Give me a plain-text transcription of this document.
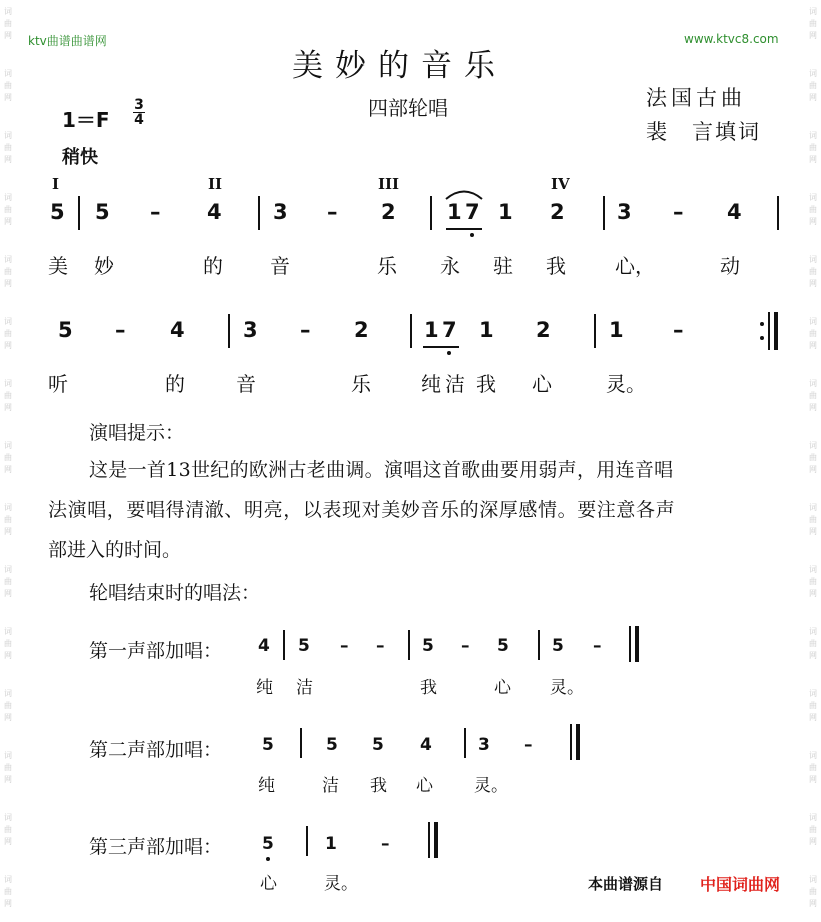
词
曲
网
词
曲
网
词
曲
网
词
曲
网
词
曲
网
词
曲
网
词
曲
网
词
曲
网
词
曲
网
词
曲
网
词
曲
网
词
曲
网
词
曲
网
词
曲
网
词
曲
网
词
曲
网
词
曲
网
词
曲
网
词
曲
网
词
曲
网
词
曲
网
词
曲
网
词
曲
网
词
曲
网
词
曲
网
词
曲
网
词
曲
网
词
曲
网
词
曲
网
词
曲
网
ktv曲谱曲谱网	www.ktvc8.com
美妙的音乐
四部轮唱	法国古曲
裴　言填词
1＝F
3
4
稍快
I	II	III	IV
5 5 – 4 3 – 2 1 7 1 2 3 – 4
美 妙	的 音	乐 永 驻 我 心，	动
5 – 4	3 – 2	1 7 1 2	1 –
听	的	音	乐	纯 洁 我 心	灵。
演唱提示：
这是一首13世纪的欧洲古老曲调。演唱这首歌曲要用弱声，用连音唱
法演唱，要唱得清澈、明亮，以表现对美妙音乐的深厚感情。要注意各声
部进入的时间。
轮唱结束时的唱法：
第一声部加唱： 4 5 – – 5 – 5	5 –
纯 洁	我	心 灵。
第二声部加唱： 5	5 5 4	3 –
纯	洁 我 心 灵。
第三声部加唱： 5	1	–
心	灵。	本曲谱源自 中国词曲网
